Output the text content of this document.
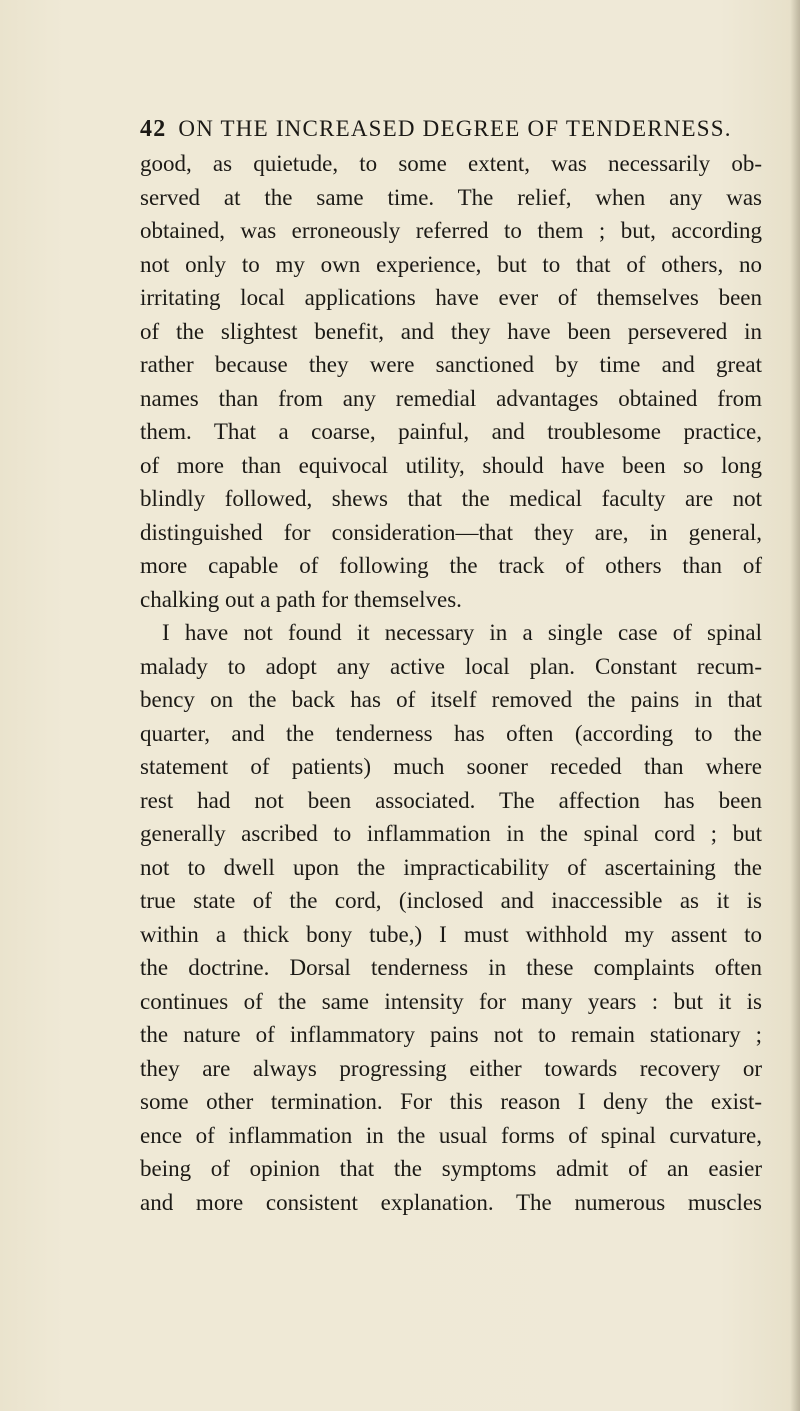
42 ON THE INCREASED DEGREE OF TENDERNESS.
good, as quietude, to some extent, was necessarily ob-
served at the same time. The relief, when any was
obtained, was erroneously referred to them ; but, according
not only to my own experience, but to that of others, no
irritating local applications have ever of themselves been
of the slightest benefit, and they have been persevered in
rather because they were sanctioned by time and great
names than from any remedial advantages obtained from
them. That a coarse, painful, and troublesome practice,
of more than equivocal utility, should have been so long
blindly followed, shews that the medical faculty are not
distinguished for consideration—that they are, in general,
more capable of following the track of others than of
chalking out a path for themselves.
I have not found it necessary in a single case of spinal
malady to adopt any active local plan. Constant recum-
bency on the back has of itself removed the pains in that
quarter, and the tenderness has often (according to the
statement of patients) much sooner receded than where
rest had not been associated. The affection has been
generally ascribed to inflammation in the spinal cord ; but
not to dwell upon the impracticability of ascertaining the
true state of the cord, (inclosed and inaccessible as it is
within a thick bony tube,) I must withhold my assent to
the doctrine. Dorsal tenderness in these complaints often
continues of the same intensity for many years : but it is
the nature of inflammatory pains not to remain stationary ;
they are always progressing either towards recovery or
some other termination. For this reason I deny the exist-
ence of inflammation in the usual forms of spinal curvature,
being of opinion that the symptoms admit of an easier
and more consistent explanation. The numerous muscles
